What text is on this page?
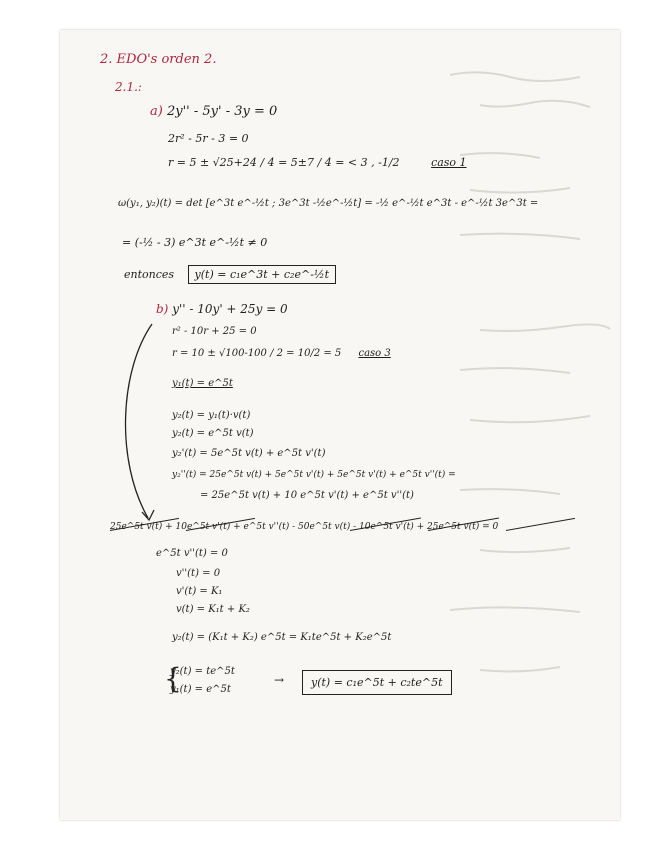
2. EDO's orden 2.
2.1.:
a) 2y'' - 5y' - 3y = 0
2r² - 5r - 3 = 0
r = 5 ± √25+24 / 4 = 5±7 / 4 = < 3 , -1/2	caso 1
ω(y₁, y₂)(t) = det [e^3t e^-½t ; 3e^3t -½e^-½t] = -½ e^-½t e^3t - e^-½t 3e^3t =
= (-½ - 3) e^3t e^-½t ≠ 0
entonces y(t) = c₁e^3t + c₂e^-½t
b) y'' - 10y' + 25y = 0
r² - 10r + 25 = 0
r = 10 ± √100-100 / 2 = 10/2 = 5 caso 3
y₁(t) = e^5t
y₂(t) = y₁(t)·v(t)
y₂(t) = e^5t v(t)
y₂'(t) = 5e^5t v(t) + e^5t v'(t)
y₂''(t) = 25e^5t v(t) + 5e^5t v'(t) + 5e^5t v'(t) + e^5t v''(t) =
= 25e^5t v(t) + 10 e^5t v'(t) + e^5t v''(t)
25e^5t v(t) + 10e^5t v'(t) + e^5t v''(t) - 50e^5t v(t) - 10e^5t v'(t) + 25e^5t v(t) = 0
e^5t v''(t) = 0
v''(t) = 0
v'(t) = K₁
v(t) = K₁t + K₂
y₂(t) = (K₁t + K₂) e^5t = K₁te^5t + K₂e^5t
y₂(t) = te^5t
y₁(t) = e^5t
{	→	y(t) = c₁e^5t + c₂te^5t
